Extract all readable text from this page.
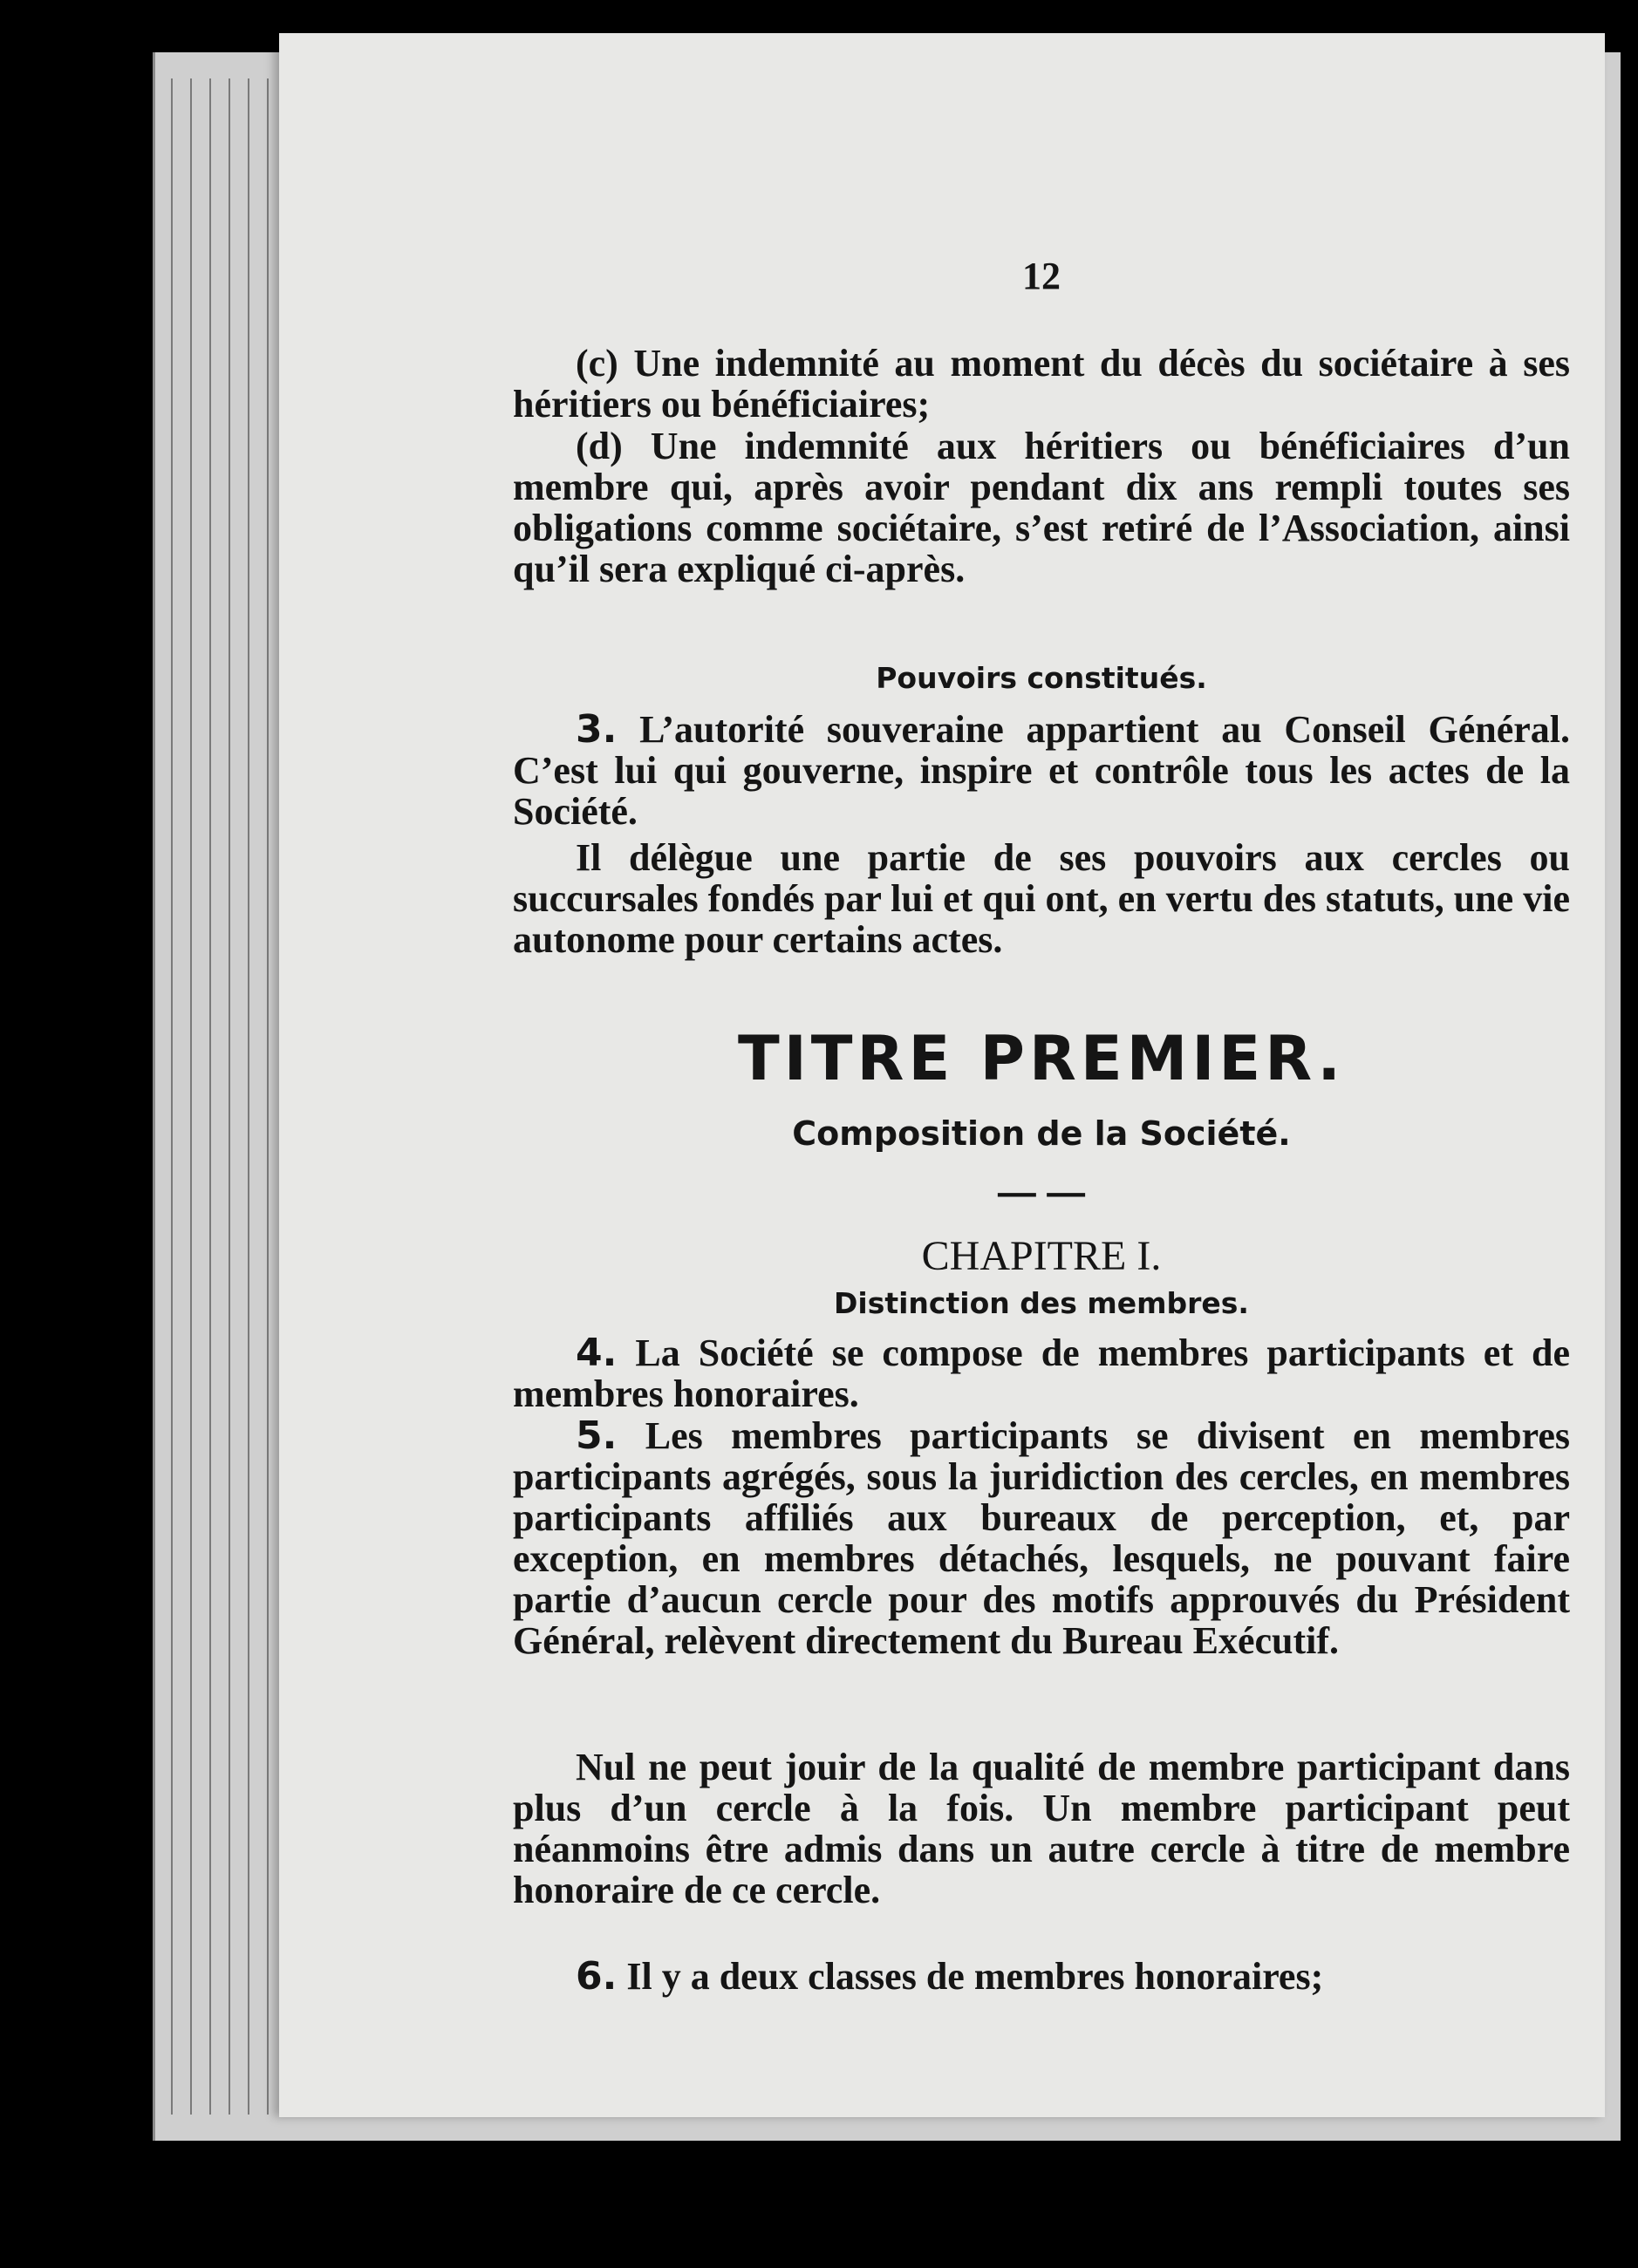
12

(c) Une indemnité au moment du décès du sociétaire à ses héritiers ou bénéficiaires;

(d) Une indemnité aux héritiers ou bénéficiaires d’un membre qui, après avoir pendant dix ans rempli toutes ses obligations comme sociétaire, s’est retiré de l’Association, ainsi qu’il sera expliqué ci-après.

Pouvoirs constitués.

3. L’autorité souveraine appartient au Conseil Général. C’est lui qui gouverne, inspire et contrôle tous les actes de la Société.

Il délègue une partie de ses pouvoirs aux cercles ou succursales fondés par lui et qui ont, en vertu des statuts, une vie autonome pour certains actes.

TITRE PREMIER.

Composition de la Société.

— —

CHAPITRE I.

Distinction des membres.

4. La Société se compose de membres participants et de membres honoraires.

5. Les membres participants se divisent en membres participants agrégés, sous la juridiction des cercles, en membres participants affiliés aux bureaux de perception, et, par exception, en membres détachés, lesquels, ne pouvant faire partie d’aucun cercle pour des motifs approuvés du Président Général, relèvent directement du Bureau Exécutif.

Nul ne peut jouir de la qualité de membre participant dans plus d’un cercle à la fois. Un membre participant peut néanmoins être admis dans un autre cercle à titre de membre honoraire de ce cercle.

6. Il y a deux classes de membres honoraires;
